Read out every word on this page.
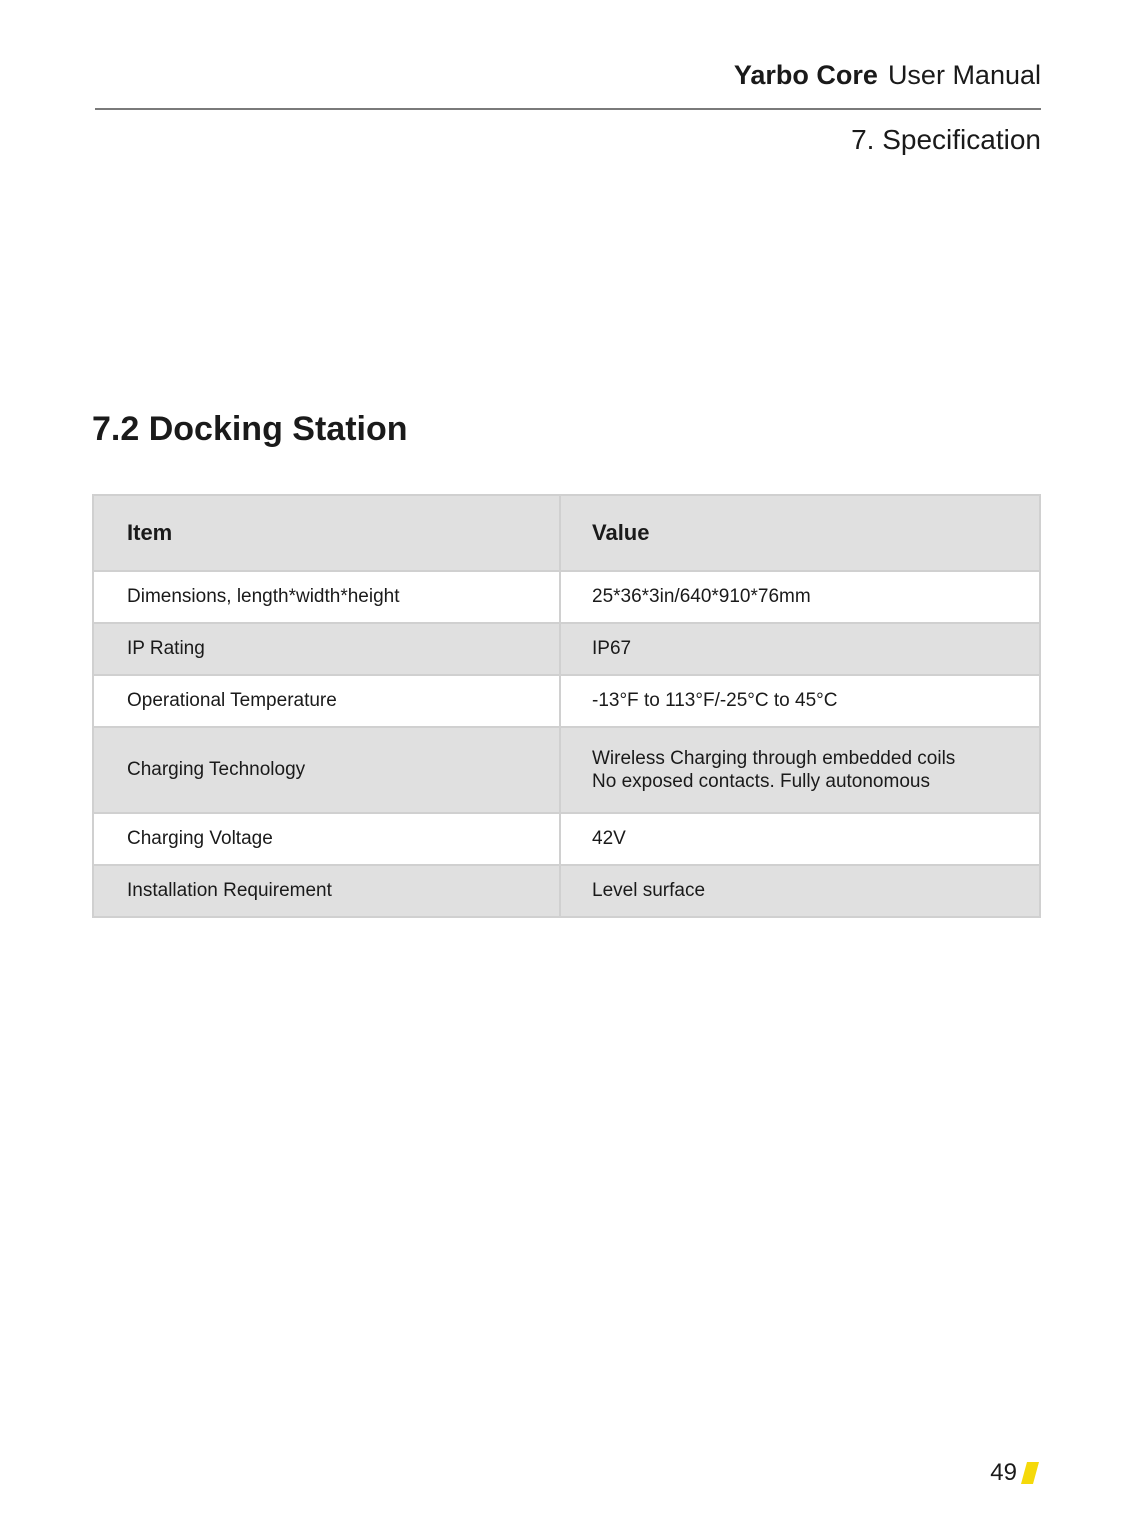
Yarbo Core User Manual
7. Specification
7.2 Docking Station
Item	Value
Dimensions, length*width*height	25*36*3in/640*910*76mm
IP Rating	IP67
Operational Temperature	-13°F to 113°F/-25°C to 45°C
Charging Technology	Wireless Charging through embedded coils
No exposed contacts. Fully autonomous

Charging Voltage	42V
Installation Requirement	Level surface
49
